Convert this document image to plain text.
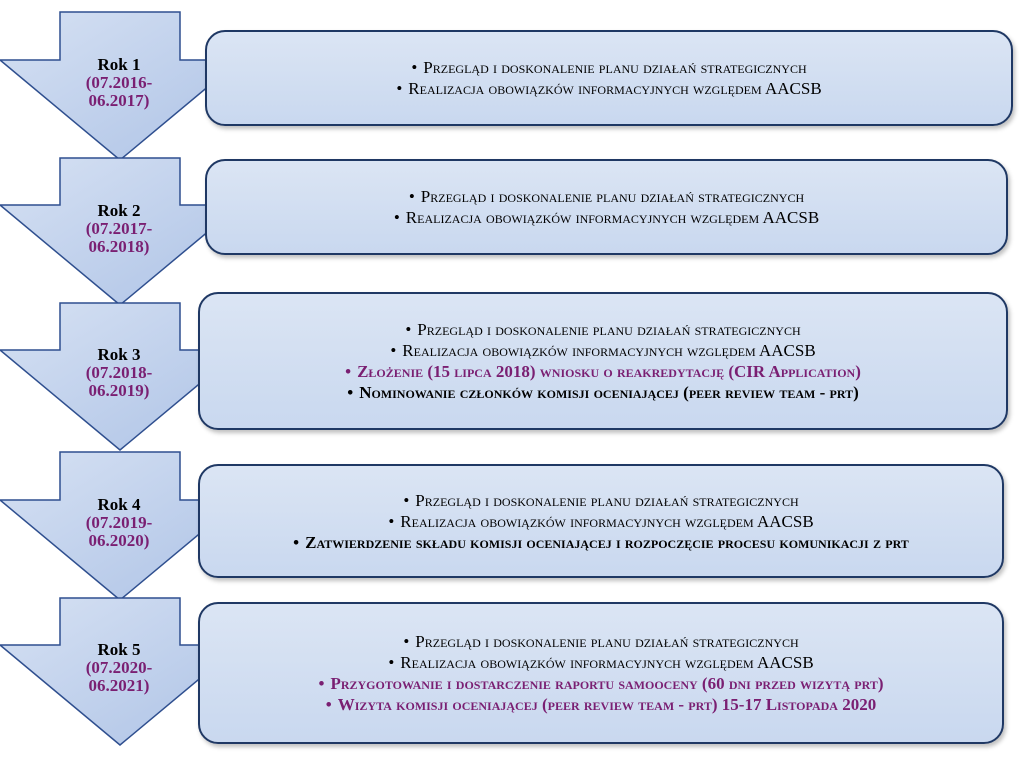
Rok 1
(07.2016-06.2017)
Rok 2
(07.2017-06.2018)
Rok 3
(07.2018-06.2019)
Rok 4
(07.2019-06.2020)
Rok 5
(07.2020-06.2021)
• Przegląd i doskonalenie planu działań strategicznych
• Realizacja obowiązków informacyjnych względem AACSB
• Przegląd i doskonalenie planu działań strategicznych
• Realizacja obowiązków informacyjnych względem AACSB
• Przegląd i doskonalenie planu działań strategicznych
• Realizacja obowiązków informacyjnych względem AACSB
• Złożenie (15 lipca 2018) wniosku o reakredytację (CIR Application)
• Nominowanie członków komisji oceniającej (peer review team - prt)
• Przegląd i doskonalenie planu działań strategicznych
• Realizacja obowiązków informacyjnych względem AACSB
• Zatwierdzenie składu komisji oceniającej i rozpoczęcie procesu komunikacji z prt
• Przegląd i doskonalenie planu działań strategicznych
• Realizacja obowiązków informacyjnych względem AACSB
• Przygotowanie i dostarczenie raportu samooceny (60 dni przed wizytą prt)
• Wizyta komisji oceniającej (peer review team - prt) 15-17 Listopada 2020
